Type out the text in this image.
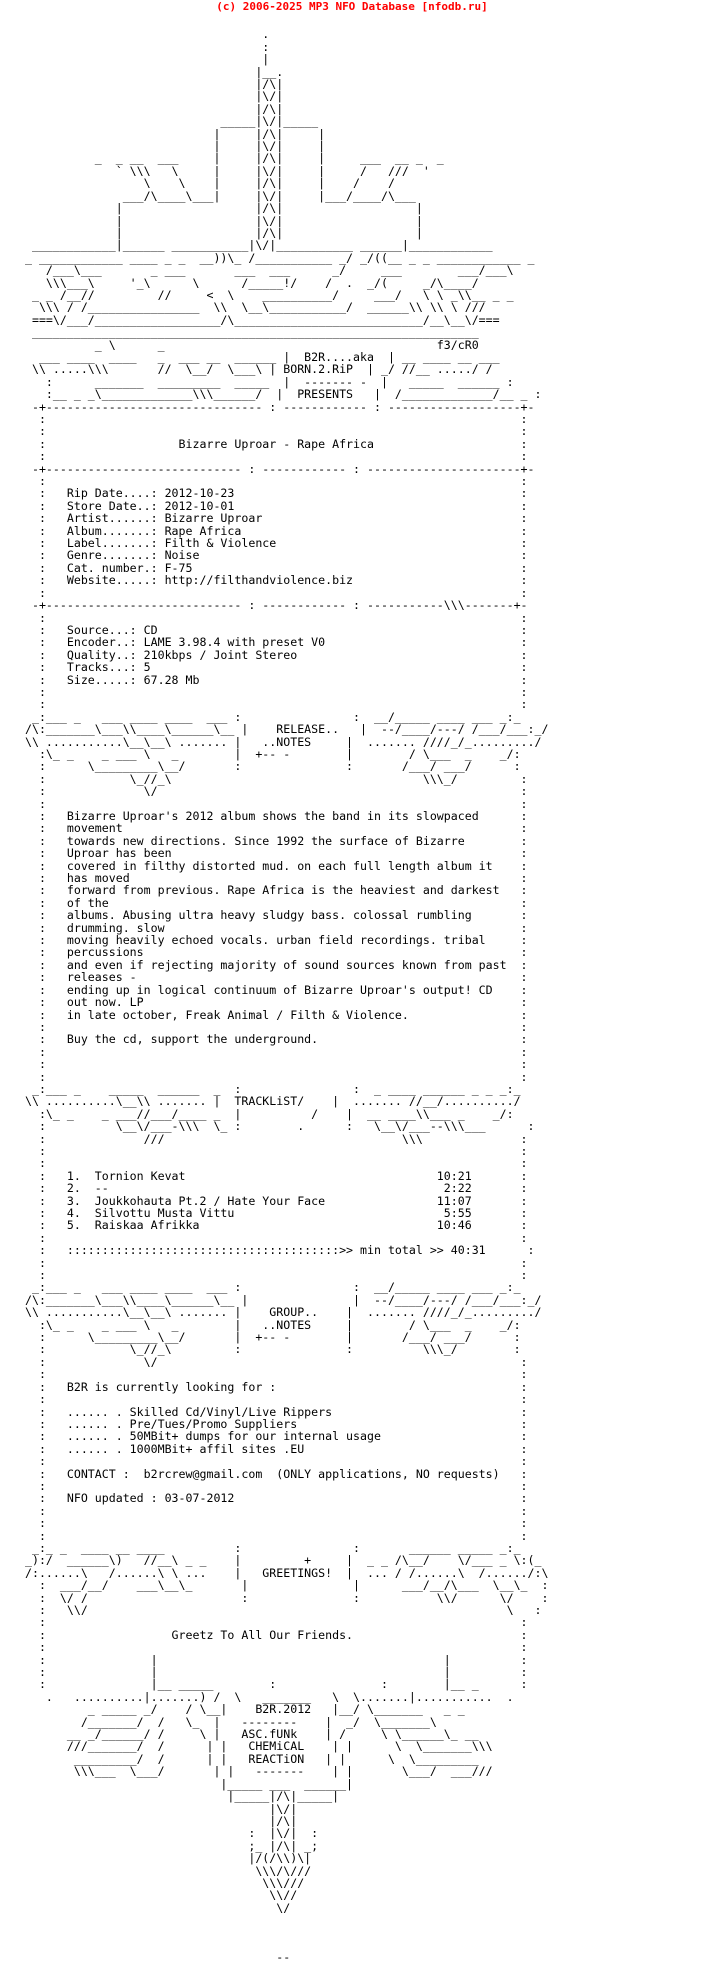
(c) 2006-2025 MP3 NFO Database [nfodb.ru]

.
:
|
|__.
|/\|
|\/|
|/\|
_____|\/|_____
|     |/\|     |
|     |\/|     |
_  _ __  ___     |     |/\|     |     ___  __ _  _
` \\\   \     |     |\/|     |     /   ///  '
\    \    |     |/\|     |    /    /
___/\____\___|     |\/|     |___/____/\___
|                   |/\|                   |
|                   |\/|                   |
|                   |/\|                   |
____________|______ ___________|\/|___________ ______|____________
_ ____________ ____ _ _  __))\_ /___________ _/ _/((__ _ _ ____________ _
/___\___       _ ___       ___  ___      _/     ___        ___/___\
\\\___\     '_\      \      /_____!/    /  .  _/(     _/\____/
_ _ /__//         //     <  \    __________/     ___/   \ \ _\\__ _ _
\\\ / /________________  \\  \__\___________/  ______\\ \\ \ ///
===\/___/__________________/\___________________________/__\__\/===
________________________________________________________________
_ \      _                                       f3/cR0
___ ____  ____   _  ___ __  ______ |  B2R....aka  | __ ____ __ ___
\\ .....\\\       //  \__/  \___\ | BORN.2.RiP  | _/ //__ ...../ /
:      _______  _________  _____  |  ------- -  |   _____  ______ :
:__ _ _\_____________\\\______/  |  PRESENTS   |  /_____________/__ _ :
-+------------------------------- : ------------ : -------------------+-
:                                                                    :
:                                                                    :
:                   Bizarre Uproar - Rape Africa                     :
:                                                                    :
-+---------------------------- : ------------ : ----------------------+-
:                                                                    :
:   Rip Date....: 2012-10-23                                         :
:   Store Date..: 2012-10-01                                         :
:   Artist......: Bizarre Uproar                                     :
:   Album.......: Rape Africa                                        :
:   Label.......: Filth & Violence                                   :
:   Genre.......: Noise                                              :
:   Cat. number.: F-75                                               :
:   Website.....: http://filthandviolence.biz                        :
:                                                                    :
-+---------------------------- : ------------ : -----------\\\-------+-
:                                                                    :
:   Source...: CD                                                    :
:   Encoder..: LAME 3.98.4 with preset V0                            :
:   Quality..: 210kbps / Joint Stereo                                :
:   Tracks...: 5                                                     :
:   Size.....: 67.28 Mb                                              :
:                                                                    :
:                                                                    :
_:___ _   ___ ____ ____  ___ :                :  __/_____ ____ ___ _:_
/\:_______\___\\____\______\__ |    RELEASE..   |  --/____/---/ /___/___:_/
\\ ...........\__\__\ ....... |   ..NOTES     |  ....... ////_/_........./
:\_ _    _ ___ \   _        |  +-- -        |        / \___  _    _/:
:      \_________\__/       :               :       /___/ ___/      :
:            \_//_\                                    \\\_/         :
:              \/                                                    :
:                                                                    :
:   Bizarre Uproar's 2012 album shows the band in its slowpaced      :
:   movement                                                         :
:   towards new directions. Since 1992 the surface of Bizarre        :
:   Uproar has been                                                  :
:   covered in filthy distorted mud. on each full length album it    :
:   has moved                                                        :
:   forward from previous. Rape Africa is the heaviest and darkest   :
:   of the                                                           :
:   albums. Abusing ultra heavy sludgy bass. colossal rumbling       :
:   drumming. slow                                                   :
:   moving heavily echoed vocals. urban field recordings. tribal     :
:   percussions                                                      :
:   and even if rejecting majority of sound sources known from past  :
:   releases -                                                       :
:   ending up in logical continuum of Bizarre Uproar's output! CD    :
:   out now. LP                                                      :
:   in late october, Freak Animal / Filth & Violence.                :
:                                                                    :
:   Buy the cd, support the underground.                             :
:                                                                    :
:                                                                    :
:                                                                    :
_:___ _    _____  ______  _  :                :  _ ____ ______ _ _ _:_
\\ ..........\__\\ ....... |  TRACKLiST/    |  ....... //__/........../
:\_ _    _ ___//___/____ _  |          /    |  __ ____\\___ _    _/:
:          \__\/___-\\\  \_ :        .      :   \__\/___--\\\___      :
:              ///                                  \\\              :
:                                                                    :
:                                                                    :
:   1.  Tornion Kevat                                    10:21       :
:   2.  --                                                2:22       :
:   3.  Joukkohauta Pt.2 / Hate Your Face                11:07       :
:   4.  Silvottu Musta Vittu                              5:55       :
:   5.  Raiskaa Afrikka                                  10:46       :
:                                                                    :
:   :::::::::::::::::::::::::::::::::::::::>> min total >> 40:31      :
:                                                                    :
:                                                                    :
_:___ _   ___ ____ ____  ___ :                :  __/_____ ____ ___ _:_
/\:_______\___\\____\______\__ |               |  --/____/---/ /___/___:_/
\\ ...........\__\__\ ....... |    GROUP..    |  ....... ////_/_........./
:\_ _    _ ___ \   _        |   ..NOTES     |        / \___  _    _/:
:      \_________\__/       |  +-- -        |       /___/ ___/      :
:            \_//_\         :               :          \\\_/        :
:              \/                                                    :
:                                                                    :
:   B2R is currently looking for :                                   :
:                                                                    :
:   ...... . Skilled Cd/Vinyl/Live Rippers                           :
:   ...... . Pre/Tues/Promo Suppliers                                :
:   ...... . 50MBit+ dumps for our internal usage                    :
:   ...... . 1000MBit+ affil sites .EU                               :
:                                                                    :
:   CONTACT :  b2rcrew@gmail.com  (ONLY applications, NO requests)   :
:                                                                    :
:   NFO updated : 03-07-2012                                         :
:                                                                    :
:                                                                    :
:                                                                    :
_:_ _  ____ __ ____          :                :       ______ _____ _:_
_):/  ______\)   //__\ _ _    |         +     |  _ _ /\__/    \/___ _ \:(_
/:......\   /......\ \ ...    |   GREETINGS!  |  ... / /......\  /....../:\
:  ___/__/    ___\__\_       |               |      ___/__/\___  \__\_  :
:  \/ /                      :               :           \\/      \/    :
:   \\/                                                            \   :
:                                                                    :
:                  Greetz To All Our Friends.                        :
:                                                                    :
:               |                                         |          :
:               |                                         |          :
:               |__ _____        :               :        |__ _      :
.   ..........|.......) /  \   _______   \  \.......|...........  .
_ _____ _/    / \__|    B2R.2012   |__/ \_______   _ _
/_______/  /   \_  |   --------    |  _/  \_______\
__ _/______/ /     \ |   ASC.fUNk    | /     \ \______\_ __
///_______/  /      | |   CHEMiCAL    | |      \  \_______\\\
_________/  /      | |   REACTiON   | |      \  \_________
\\\___  \___/       | |   -------    | |       \___/  ___///
|_____ ___  ______|
|_____|/\|_____|
|\/|
|/\|
:  |\/|  :
;_ |/\| _;
|/(/\\)\|
\\\/\///
\\\///
\\//
\/

--
